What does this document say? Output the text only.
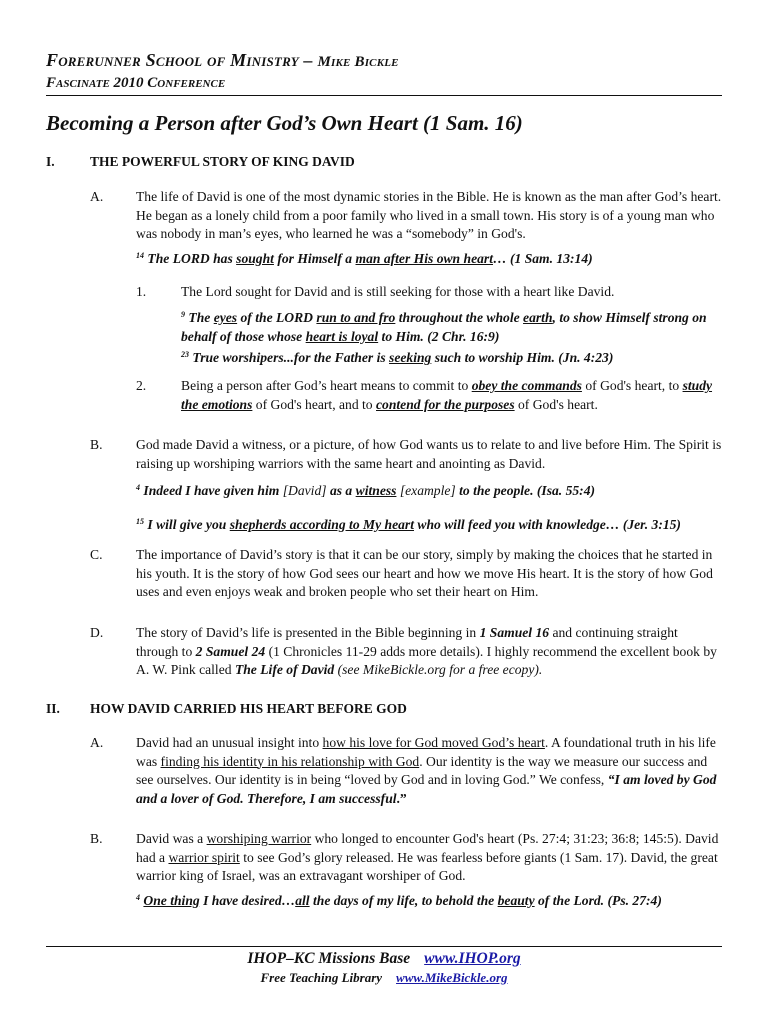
Forerunner School of Ministry – Mike Bickle
Fascinate 2010 Conference
Becoming a Person after God’s Own Heart (1 Sam. 16)
I.	THE POWERFUL STORY OF KING DAVID
A. The life of David is one of the most dynamic stories in the Bible. He is known as the man after God’s heart. He began as a lonely child from a poor family who lived in a small town. His story is of a young man who was nobody in man’s eyes, who learned he was a “somebody” in God's.
$^{14}$ The LORD has sought for Himself a man after His own heart… (1 Sam. 13:14)
1.	The Lord sought for David and is still seeking for those with a heart like David.
$^9$ The eyes of the LORD run to and fro throughout the whole earth, to show Himself strong on behalf of those whose heart is loyal to Him. (2 Chr. 16:9)
$^{23}$ True worshipers...for the Father is seeking such to worship Him. (Jn. 4:23)
2.	Being a person after God’s heart means to commit to obey the commands of God's heart, to study the emotions of God's heart, and to contend for the purposes of God's heart.
B. God made David a witness, or a picture, of how God wants us to relate to and live before Him. The Spirit is raising up worshiping warriors with the same heart and anointing as David.
$^4$ Indeed I have given him [David] as a witness [example] to the people. (Isa. 55:4)
$^{15}$ I will give you shepherds according to My heart who will feed you with knowledge… (Jer. 3:15)
C. The importance of David’s story is that it can be our story, simply by making the choices that he started in his youth. It is the story of how God sees our heart and how we move His heart. It is the story of how God uses and even enjoys weak and broken people who set their heart on Him.
D. The story of David’s life is presented in the Bible beginning in 1 Samuel 16 and continuing straight through to 2 Samuel 24 (1 Chronicles 11-29 adds more details). I highly recommend the excellent book by A. W. Pink called The Life of David (see MikeBickle.org for a free ecopy).
II. HOW DAVID CARRIED HIS HEART BEFORE GOD
A. David had an unusual insight into how his love for God moved God’s heart. A foundational truth in his life was finding his identity in his relationship with God. Our identity is the way we measure our success and see ourselves. Our identity is in being “loved by God and in loving God.” We confess, “I am loved by God and a lover of God. Therefore, I am successful.”
B. David was a worshiping warrior who longed to encounter God's heart (Ps. 27:4; 31:23; 36:8; 145:5). David had a warrior spirit to see God’s glory released. He was fearless before giants (1 Sam. 17). David, the great warrior king of Israel, was an extravagant worshiper of God.
$^4$ One thing I have desired…all the days of my life, to behold the beauty of the Lord. (Ps. 27:4)
IHOP–KC Missions Base www.IHOP.org
Free Teaching Library www.MikeBickle.org
